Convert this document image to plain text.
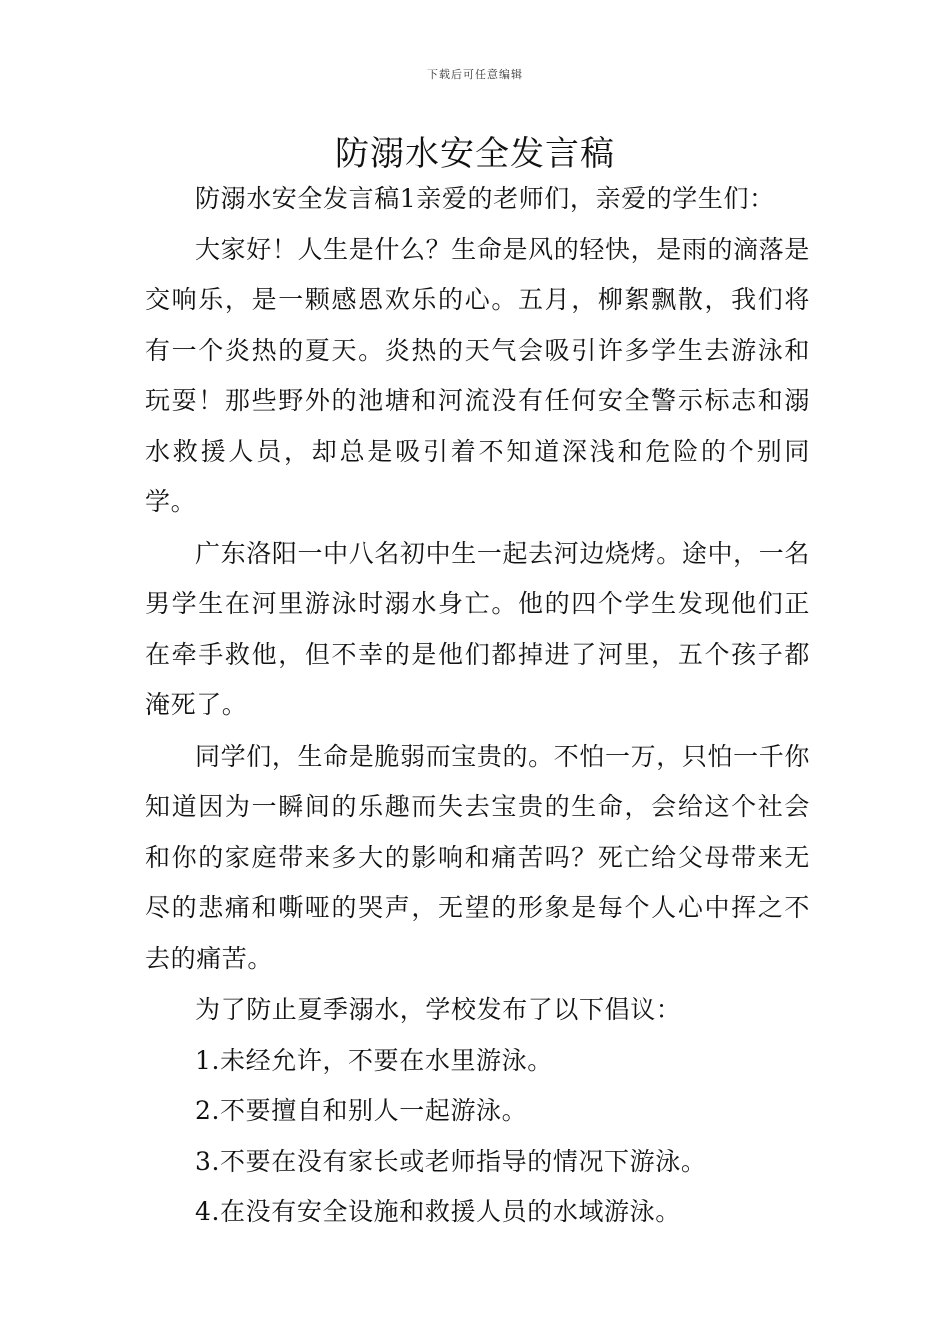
下载后可任意编辑
防溺水安全发言稿

防溺水安全发言稿1亲爱的老师们，亲爱的学生们：

大家好！人生是什么？生命是风的轻快，是雨的滴落是交响乐，是一颗感恩欢乐的心。五月，柳絮飘散，我们将有一个炎热的夏天。炎热的天气会吸引许多学生去游泳和玩耍！那些野外的池塘和河流没有任何安全警示标志和溺水救援人员，却总是吸引着不知道深浅和危险的个别同学。

广东洛阳一中八名初中生一起去河边烧烤。途中，一名男学生在河里游泳时溺水身亡。他的四个学生发现他们正在牵手救他，但不幸的是他们都掉进了河里，五个孩子都淹死了。

同学们，生命是脆弱而宝贵的。不怕一万，只怕一千你知道因为一瞬间的乐趣而失去宝贵的生命，会给这个社会和你的家庭带来多大的影响和痛苦吗？死亡给父母带来无尽的悲痛和嘶哑的哭声，无望的形象是每个人心中挥之不去的痛苦。

为了防止夏季溺水，学校发布了以下倡议：

1.未经允许，不要在水里游泳。

2.不要擅自和别人一起游泳。

3.不要在没有家长或老师指导的情况下游泳。

4.在没有安全设施和救援人员的水域游泳。
